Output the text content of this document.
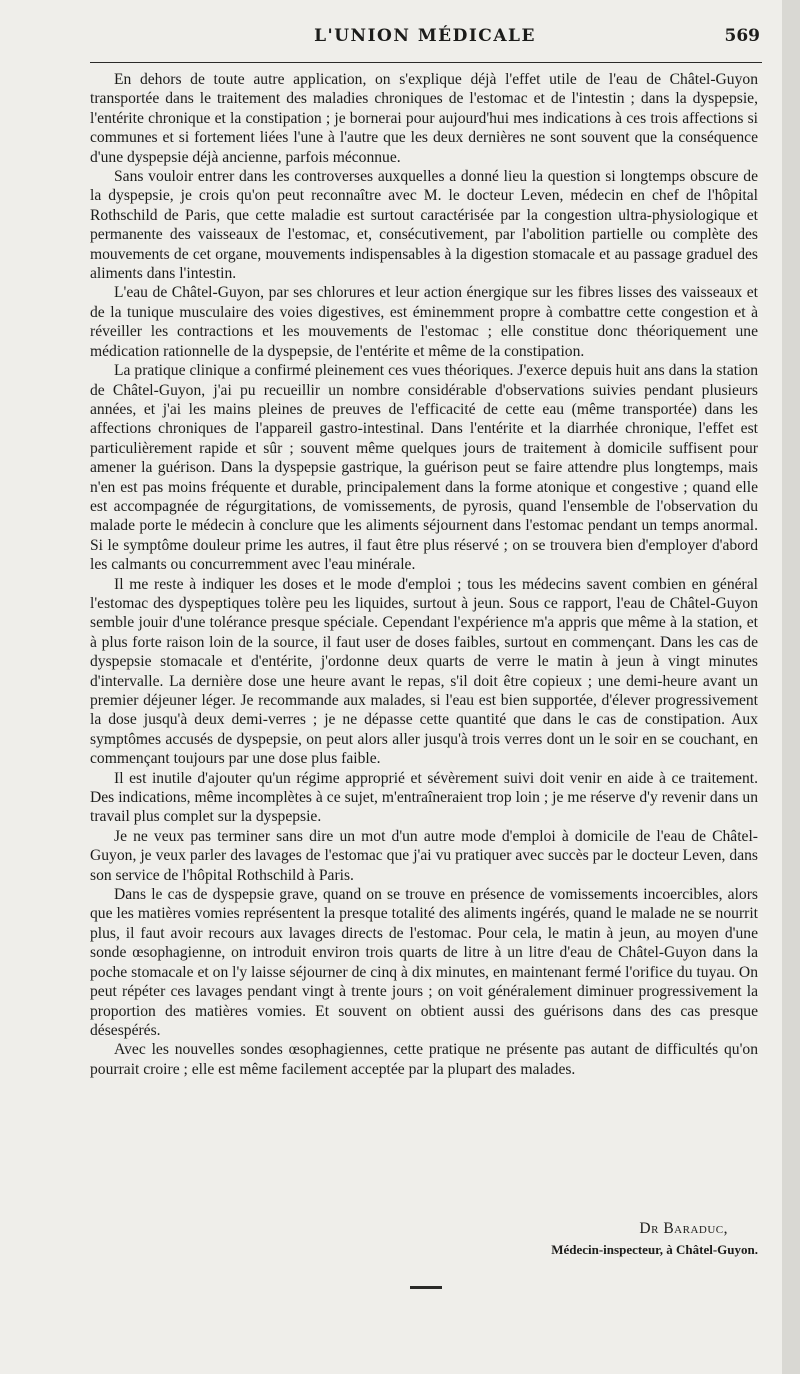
L'UNION MÉDICALE	569

En dehors de toute autre application, on s'explique déjà l'effet utile de l'eau de Châtel-Guyon transportée dans le traitement des maladies chroniques de l'estomac et de l'intestin ; dans la dyspepsie, l'entérite chronique et la constipation ; je bornerai pour aujourd'hui mes indications à ces trois affections si communes et si fortement liées l'une à l'autre que les deux dernières ne sont souvent que la conséquence d'une dyspepsie déjà ancienne, parfois méconnue.

Sans vouloir entrer dans les controverses auxquelles a donné lieu la question si longtemps obscure de la dyspepsie, je crois qu'on peut reconnaître avec M. le docteur Leven, médecin en chef de l'hôpital Rothschild de Paris, que cette maladie est surtout caractérisée par la congestion ultra-physiologique et permanente des vaisseaux de l'estomac, et, consécutivement, par l'abolition partielle ou complète des mouvements de cet organe, mouvements indispensables à la digestion stomacale et au passage graduel des aliments dans l'intestin.

L'eau de Châtel-Guyon, par ses chlorures et leur action énergique sur les fibres lisses des vaisseaux et de la tunique musculaire des voies digestives, est éminemment propre à combattre cette congestion et à réveiller les contractions et les mouvements de l'estomac ; elle constitue donc théoriquement une médication rationnelle de la dyspepsie, de l'entérite et même de la constipation.

La pratique clinique a confirmé pleinement ces vues théoriques. J'exerce depuis huit ans dans la station de Châtel-Guyon, j'ai pu recueillir un nombre considérable d'observations suivies pendant plusieurs années, et j'ai les mains pleines de preuves de l'efficacité de cette eau (même transportée) dans les affections chroniques de l'appareil gastro-intestinal. Dans l'entérite et la diarrhée chronique, l'effet est particulièrement rapide et sûr ; souvent même quelques jours de traitement à domicile suffisent pour amener la guérison. Dans la dyspepsie gastrique, la guérison peut se faire attendre plus longtemps, mais n'en est pas moins fréquente et durable, principalement dans la forme atonique et congestive ; quand elle est accompagnée de régurgitations, de vomissements, de pyrosis, quand l'ensemble de l'observation du malade porte le médecin à conclure que les aliments séjournent dans l'estomac pendant un temps anormal. Si le symptôme douleur prime les autres, il faut être plus réservé ; on se trouvera bien d'employer d'abord les calmants ou concurremment avec l'eau minérale.

Il me reste à indiquer les doses et le mode d'emploi ; tous les médecins savent combien en général l'estomac des dyspeptiques tolère peu les liquides, surtout à jeun. Sous ce rapport, l'eau de Châtel-Guyon semble jouir d'une tolérance presque spéciale. Cependant l'expérience m'a appris que même à la station, et à plus forte raison loin de la source, il faut user de doses faibles, surtout en commençant. Dans les cas de dyspepsie stomacale et d'entérite, j'ordonne deux quarts de verre le matin à jeun à vingt minutes d'intervalle. La dernière dose une heure avant le repas, s'il doit être copieux ; une demi-heure avant un premier déjeuner léger. Je recommande aux malades, si l'eau est bien supportée, d'élever progressivement la dose jusqu'à deux demi-verres ; je ne dépasse cette quantité que dans le cas de constipation. Aux symptômes accusés de dyspepsie, on peut alors aller jusqu'à trois verres dont un le soir en se couchant, en commençant toujours par une dose plus faible.

Il est inutile d'ajouter qu'un régime approprié et sévèrement suivi doit venir en aide à ce traitement. Des indications, même incomplètes à ce sujet, m'entraîneraient trop loin ; je me réserve d'y revenir dans un travail plus complet sur la dyspepsie.

Je ne veux pas terminer sans dire un mot d'un autre mode d'emploi à domicile de l'eau de Châtel-Guyon, je veux parler des lavages de l'estomac que j'ai vu pratiquer avec succès par le docteur Leven, dans son service de l'hôpital Rothschild à Paris.

Dans le cas de dyspepsie grave, quand on se trouve en présence de vomissements incoercibles, alors que les matières vomies représentent la presque totalité des aliments ingérés, quand le malade ne se nourrit plus, il faut avoir recours aux lavages directs de l'estomac. Pour cela, le matin à jeun, au moyen d'une sonde œsophagienne, on introduit environ trois quarts de litre à un litre d'eau de Châtel-Guyon dans la poche stomacale et on l'y laisse séjourner de cinq à dix minutes, en maintenant fermé l'orifice du tuyau. On peut répéter ces lavages pendant vingt à trente jours ; on voit généralement diminuer progressivement la proportion des matières vomies. Et souvent on obtient aussi des guérisons dans des cas presque désespérés.

Avec les nouvelles sondes œsophagiennes, cette pratique ne présente pas autant de difficultés qu'on pourrait croire ; elle est même facilement acceptée par la plupart des malades.

Dr Baraduc,
Médecin-inspecteur, à Châtel-Guyon.
